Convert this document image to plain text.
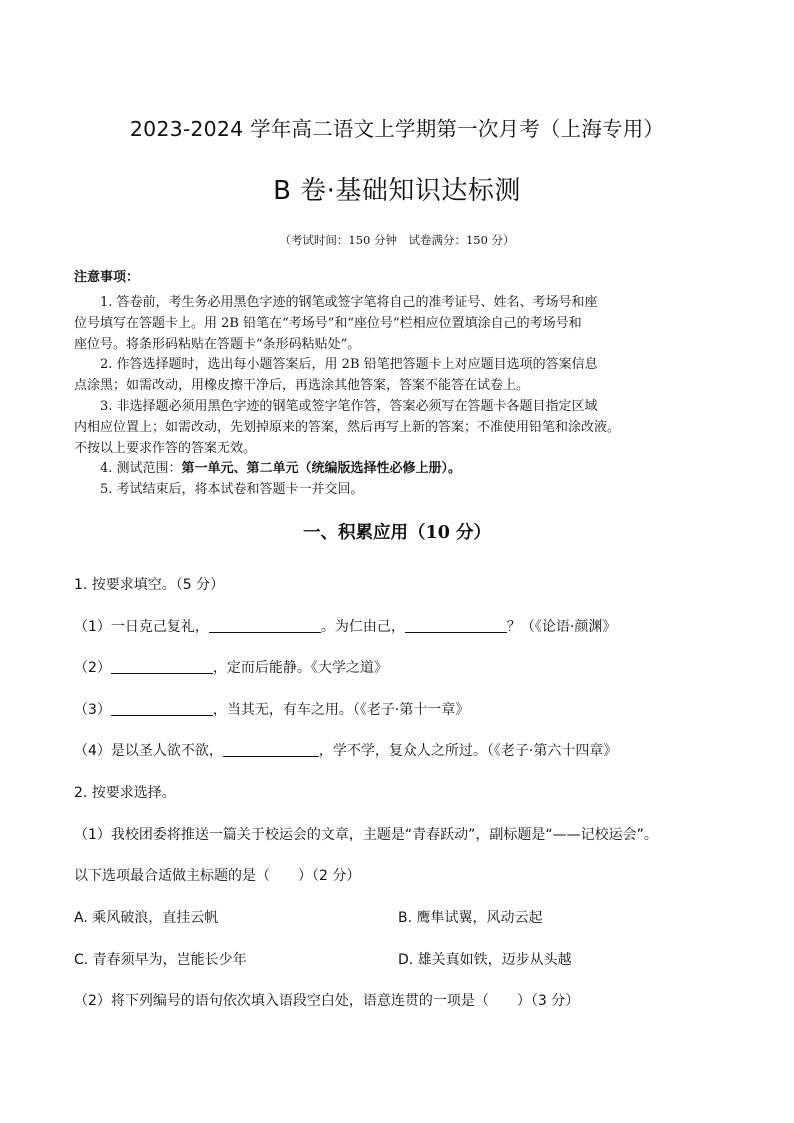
2023-2024 学年高二语文上学期第一次月考（上海专用）
B 卷·基础知识达标测
（考试时间：150 分钟　试卷满分：150 分）
注意事项：

1. 答卷前，考生务必用黑色字迹的钢笔或签字笔将自己的准考证号、姓名、考场号和座

位号填写在答题卡上。用 2B 铅笔在“考场号”和“座位号”栏相应位置填涂自己的考场号和

座位号。将条形码粘贴在答题卡“条形码粘贴处”。

2. 作答选择题时，选出每小题答案后，用 2B 铅笔把答题卡上对应题目选项的答案信息

点涂黑；如需改动，用橡皮擦干净后，再选涂其他答案，答案不能答在试卷上。

3. 非选择题必须用黑色字迹的钢笔或签字笔作答，答案必须写在答题卡各题目指定区域

内相应位置上；如需改动，先划掉原来的答案，然后再写上新的答案；不准使用铅笔和涂改液。

不按以上要求作答的答案无效。

4. 测试范围：第一单元、第二单元（统编版选择性必修上册）。

5. 考试结束后，将本试卷和答题卡一并交回。

一、积累应用（10 分）
1. 按要求填空。（5 分）
（1）一日克己复礼，	。为仁由己，	？（《论语·颜渊》
（2）	，定而后能静。《大学之道》
（3）	，当其无，有车之用。（《老子·第十一章》
（4）是以圣人欲不欲，	，学不学，复众人之所过。（《老子·第六十四章》
2. 按要求选择。
（1）我校团委将推送一篇关于校运会的文章，主题是“青春跃动”，副标题是“——记校运会”。
以下选项最合适做主标题的是（　　）（2 分）
A. 乘风破浪，直挂云帆	B. 鹰隼试翼，风动云起
C. 青春须早为，岂能长少年	D. 雄关真如铁，迈步从头越
（2）将下列编号的语句依次填入语段空白处，语意连贯的一项是（　　）（3 分）
